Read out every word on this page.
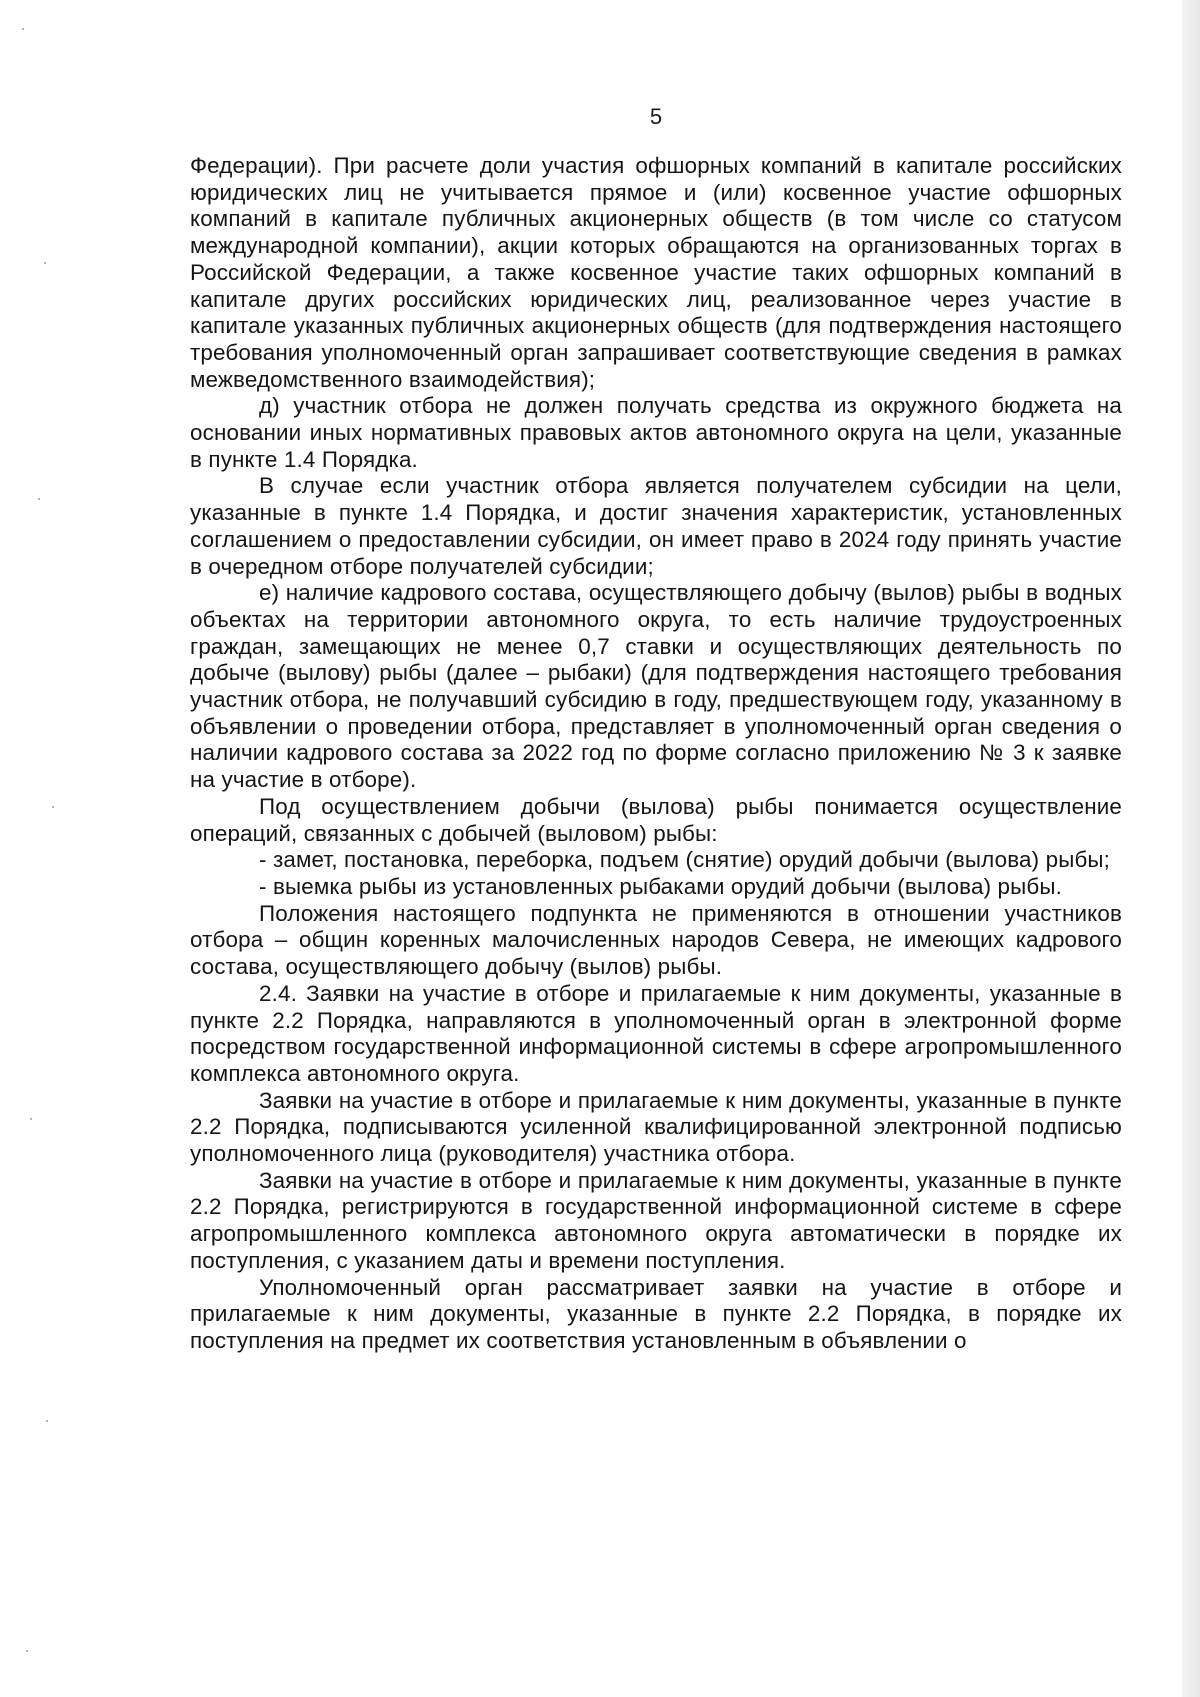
5

Федерации). При расчете доли участия офшорных компаний в капитале российских юридических лиц не учитывается прямое и (или) косвенное участие офшорных компаний в капитале публичных акционерных обществ (в том числе со статусом международной компании), акции которых обращаются на организованных торгах в Российской Федерации, а также косвенное участие таких офшорных компаний в капитале других российских юридических лиц, реализованное через участие в капитале указанных публичных акционерных обществ (для подтверждения настоящего требования уполномоченный орган запрашивает соответствующие сведения в рамках межведомственного взаимодействия);

д) участник отбора не должен получать средства из окружного бюджета на основании иных нормативных правовых актов автономного округа на цели, указанные в пункте 1.4 Порядка.

В случае если участник отбора является получателем субсидии на цели, указанные в пункте 1.4 Порядка, и достиг значения характеристик, установленных соглашением о предоставлении субсидии, он имеет право в 2024 году принять участие в очередном отборе получателей субсидии;

е) наличие кадрового состава, осуществляющего добычу (вылов) рыбы в водных объектах на территории автономного округа, то есть наличие трудоустроенных граждан, замещающих не менее 0,7 ставки и осуществляющих деятельность по добыче (вылову) рыбы (далее – рыбаки) (для подтверждения настоящего требования участник отбора, не получавший субсидию в году, предшествующем году, указанному в объявлении о проведении отбора, представляет в уполномоченный орган сведения о наличии кадрового состава за 2022 год по форме согласно приложению № 3 к заявке на участие в отборе).

Под осуществлением добычи (вылова) рыбы понимается осуществление операций, связанных с добычей (выловом) рыбы:

- замет, постановка, переборка, подъем (снятие) орудий добычи (вылова) рыбы;

- выемка рыбы из установленных рыбаками орудий добычи (вылова) рыбы.

Положения настоящего подпункта не применяются в отношении участников отбора – общин коренных малочисленных народов Севера, не имеющих кадрового состава, осуществляющего добычу (вылов) рыбы.

2.4. Заявки на участие в отборе и прилагаемые к ним документы, указанные в пункте 2.2 Порядка, направляются в уполномоченный орган в электронной форме посредством государственной информационной системы в сфере агропромышленного комплекса автономного округа.

Заявки на участие в отборе и прилагаемые к ним документы, указанные в пункте 2.2 Порядка, подписываются усиленной квалифицированной электронной подписью уполномоченного лица (руководителя) участника отбора.

Заявки на участие в отборе и прилагаемые к ним документы, указанные в пункте 2.2 Порядка, регистрируются в государственной информационной системе в сфере агропромышленного комплекса автономного округа автоматически в порядке их поступления, с указанием даты и времени поступления.

Уполномоченный орган рассматривает заявки на участие в отборе и прилагаемые к ним документы, указанные в пункте 2.2 Порядка, в порядке их поступления на предмет их соответствия установленным в объявлении о
